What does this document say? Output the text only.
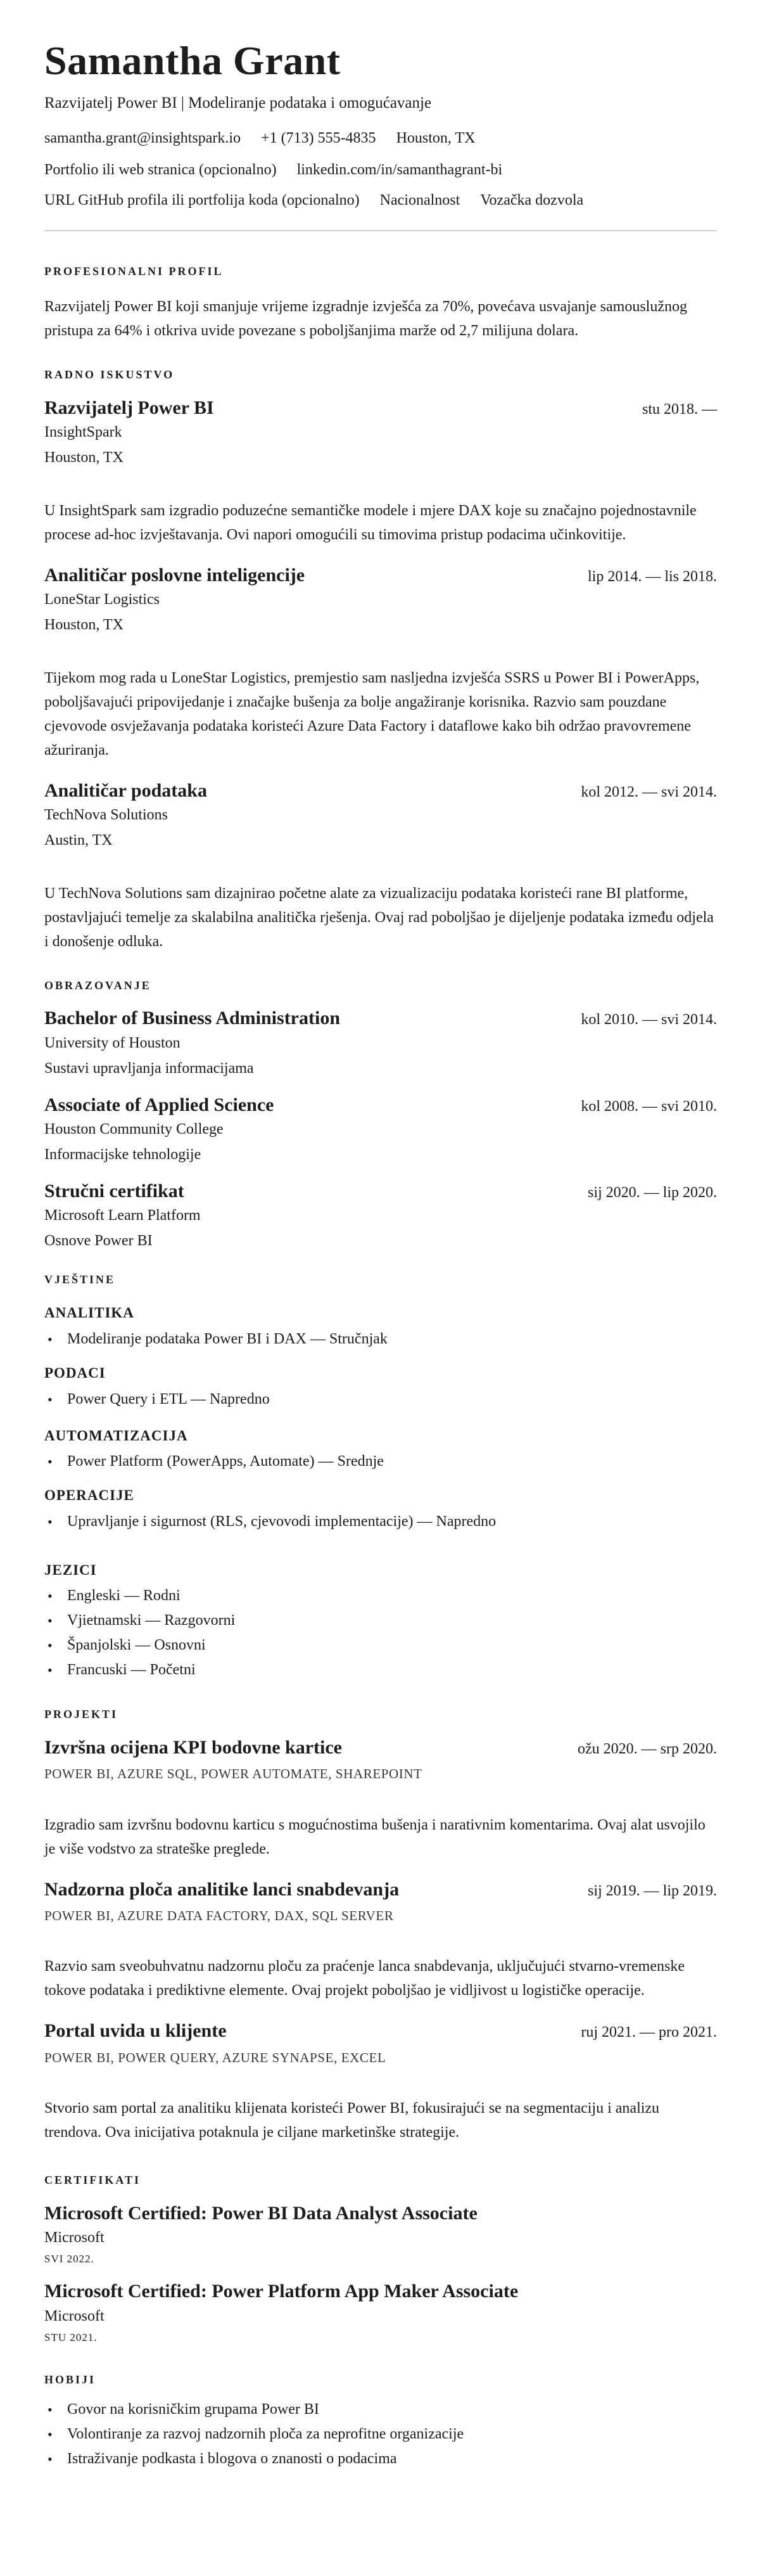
Samantha Grant
Razvijatelj Power BI | Modeliranje podataka i omogućavanje
samantha.grant@insightspark.io +1 (713) 555-4835 Houston, TX
Portfolio ili web stranica (opcionalno) linkedin.com/in/samanthagrant-bi
URL GitHub profila ili portfolija koda (opcionalno) Nacionalnost Vozačka dozvola
PROFESIONALNI PROFIL

Razvijatelj Power BI koji smanjuje vrijeme izgradnje izvješća za 70%, povećava usvajanje samouslužnog pristupa za 64% i otkriva uvide povezane s poboljšanjima marže od 2,7 milijuna dolara.

RADNO ISKUSTVO
Razvijatelj Power BI	stu 2018. —
InsightSpark
Houston, TX

U InsightSpark sam izgradio poduzećne semantičke modele i mjere DAX koje su značajno pojednostavnile procese ad-hoc izvještavanja. Ovi napori omogućili su timovima pristup podacima učinkovitije.

Analitičar poslovne inteligencije	lip 2014. — lis 2018.
LoneStar Logistics
Houston, TX

Tijekom mog rada u LoneStar Logistics, premjestio sam nasljedna izvješća SSRS u Power BI i PowerApps, poboljšavajući pripovijedanje i značajke bušenja za bolje angažiranje korisnika. Razvio sam pouzdane cjevovode osvježavanja podataka koristeći Azure Data Factory i dataflowe kako bih održao pravovremene ažuriranja.

Analitičar podataka	kol 2012. — svi 2014.
TechNova Solutions
Austin, TX

U TechNova Solutions sam dizajnirao početne alate za vizualizaciju podataka koristeći rane BI platforme, postavljajući temelje za skalabilna analitička rješenja. Ovaj rad poboljšao je dijeljenje podataka između odjela i donošenje odluka.

OBRAZOVANJE
Bachelor of Business Administration	kol 2010. — svi 2014.
University of Houston
Sustavi upravljanja informacijama
Associate of Applied Science	kol 2008. — svi 2010.
Houston Community College
Informacijske tehnologije
Stručni certifikat	sij 2020. — lip 2020.
Microsoft Learn Platform
Osnove Power BI
VJEŠTINE
ANALITIKA
• Modeliranje podataka Power BI i DAX — Stručnjak
PODACI
• Power Query i ETL — Napredno
AUTOMATIZACIJA
• Power Platform (PowerApps, Automate) — Srednje
OPERACIJE
• Upravljanje i sigurnost (RLS, cjevovodi implementacije) — Napredno
JEZICI
• Engleski — Rodni
• Vjietnamski — Razgovorni
• Španjolski — Osnovni
• Francuski — Početni
PROJEKTI
Izvršna ocijena KPI bodovne kartice	ožu 2020. — srp 2020.
POWER BI, AZURE SQL, POWER AUTOMATE, SHAREPOINT

Izgradio sam izvršnu bodovnu karticu s mogućnostima bušenja i narativnim komentarima. Ovaj alat usvojilo je više vodstvo za strateške preglede.

Nadzorna ploča analitike lanci snabdevanja	sij 2019. — lip 2019.
POWER BI, AZURE DATA FACTORY, DAX, SQL SERVER

Razvio sam sveobuhvatnu nadzornu ploču za praćenje lanca snabdevanja, uključujući stvarno-vremenske tokove podataka i prediktivne elemente. Ovaj projekt poboljšao je vidljivost u logističke operacije.

Portal uvida u klijente	ruj 2021. — pro 2021.
POWER BI, POWER QUERY, AZURE SYNAPSE, EXCEL

Stvorio sam portal za analitiku klijenata koristeći Power BI, fokusirajući se na segmentaciju i analizu trendova. Ova inicijativa potaknula je ciljane marketinške strategije.

CERTIFIKATI
Microsoft Certified: Power BI Data Analyst Associate
Microsoft
SVI 2022.
Microsoft Certified: Power Platform App Maker Associate
Microsoft
STU 2021.
HOBIJI
• Govor na korisničkim grupama Power BI
• Volontiranje za razvoj nadzornih ploča za neprofitne organizacije
• Istraživanje podkasta i blogova o znanosti o podacima
